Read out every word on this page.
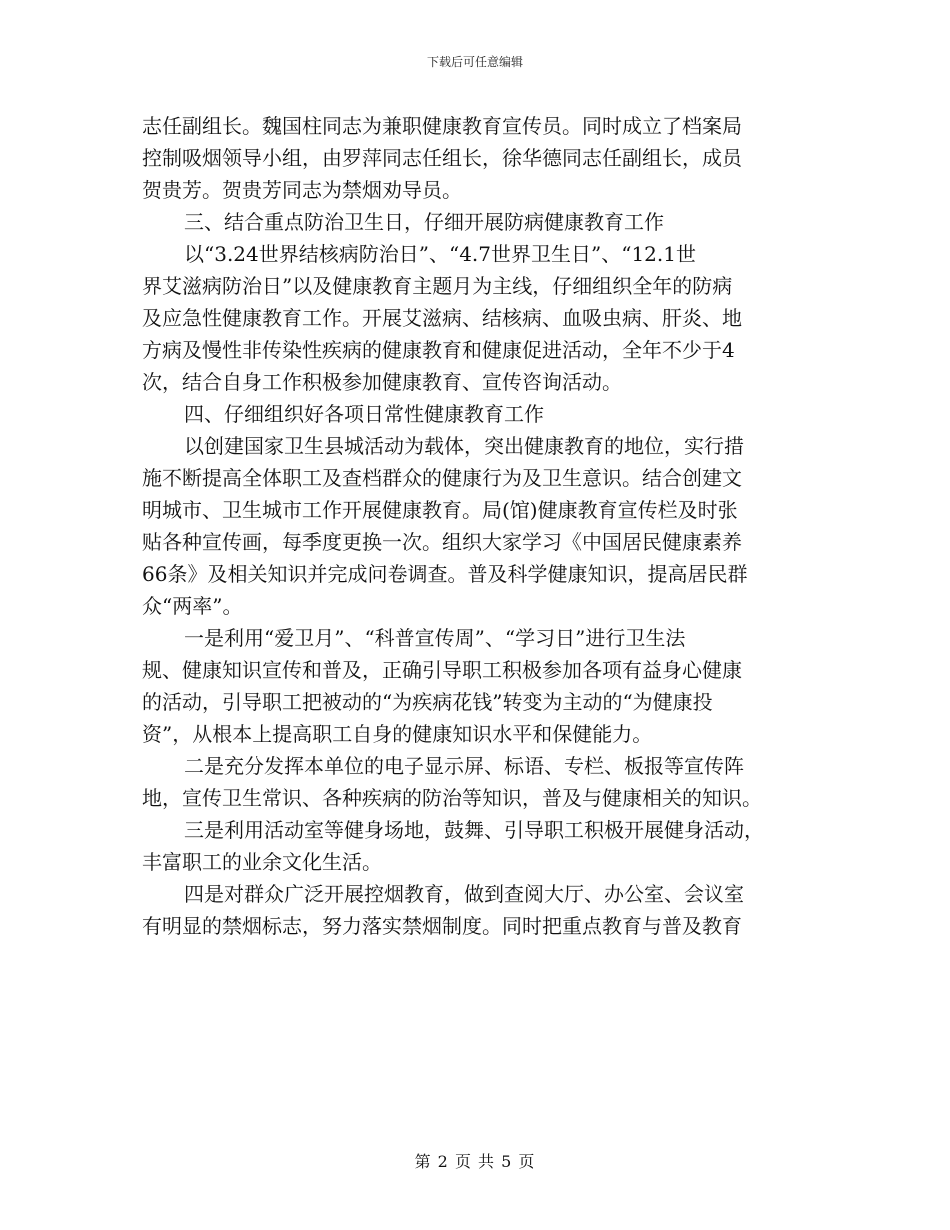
下载后可任意编辑
志任副组长。魏国柱同志为兼职健康教育宣传员。同时成立了档案局
控制吸烟领导小组，由罗萍同志任组长，徐华德同志任副组长，成员
贺贵芳。贺贵芳同志为禁烟劝导员。
三、结合重点防治卫生日，仔细开展防病健康教育工作
以“3.24世界结核病防治日”、“4.7世界卫生日”、“12.1世
界艾滋病防治日”以及健康教育主题月为主线，仔细组织全年的防病
及应急性健康教育工作。开展艾滋病、结核病、血吸虫病、肝炎、地
方病及慢性非传染性疾病的健康教育和健康促进活动，全年不少于4
次，结合自身工作积极参加健康教育、宣传咨询活动。
四、仔细组织好各项日常性健康教育工作
以创建国家卫生县城活动为载体，突出健康教育的地位，实行措
施不断提高全体职工及查档群众的健康行为及卫生意识。结合创建文
明城市、卫生城市工作开展健康教育。局(馆)健康教育宣传栏及时张
贴各种宣传画，每季度更换一次。组织大家学习《中国居民健康素养
66条》及相关知识并完成问卷调查。普及科学健康知识，提高居民群
众“两率”。
一是利用“爱卫月”、“科普宣传周”、“学习日”进行卫生法
规、健康知识宣传和普及，正确引导职工积极参加各项有益身心健康
的活动，引导职工把被动的“为疾病花钱”转变为主动的“为健康投
资”，从根本上提高职工自身的健康知识水平和保健能力。
二是充分发挥本单位的电子显示屏、标语、专栏、板报等宣传阵
地，宣传卫生常识、各种疾病的防治等知识，普及与健康相关的知识。
三是利用活动室等健身场地，鼓舞、引导职工积极开展健身活动，
丰富职工的业余文化生活。
四是对群众广泛开展控烟教育，做到查阅大厅、办公室、会议室
有明显的禁烟标志，努力落实禁烟制度。同时把重点教育与普及教育
第 2 页 共 5 页
